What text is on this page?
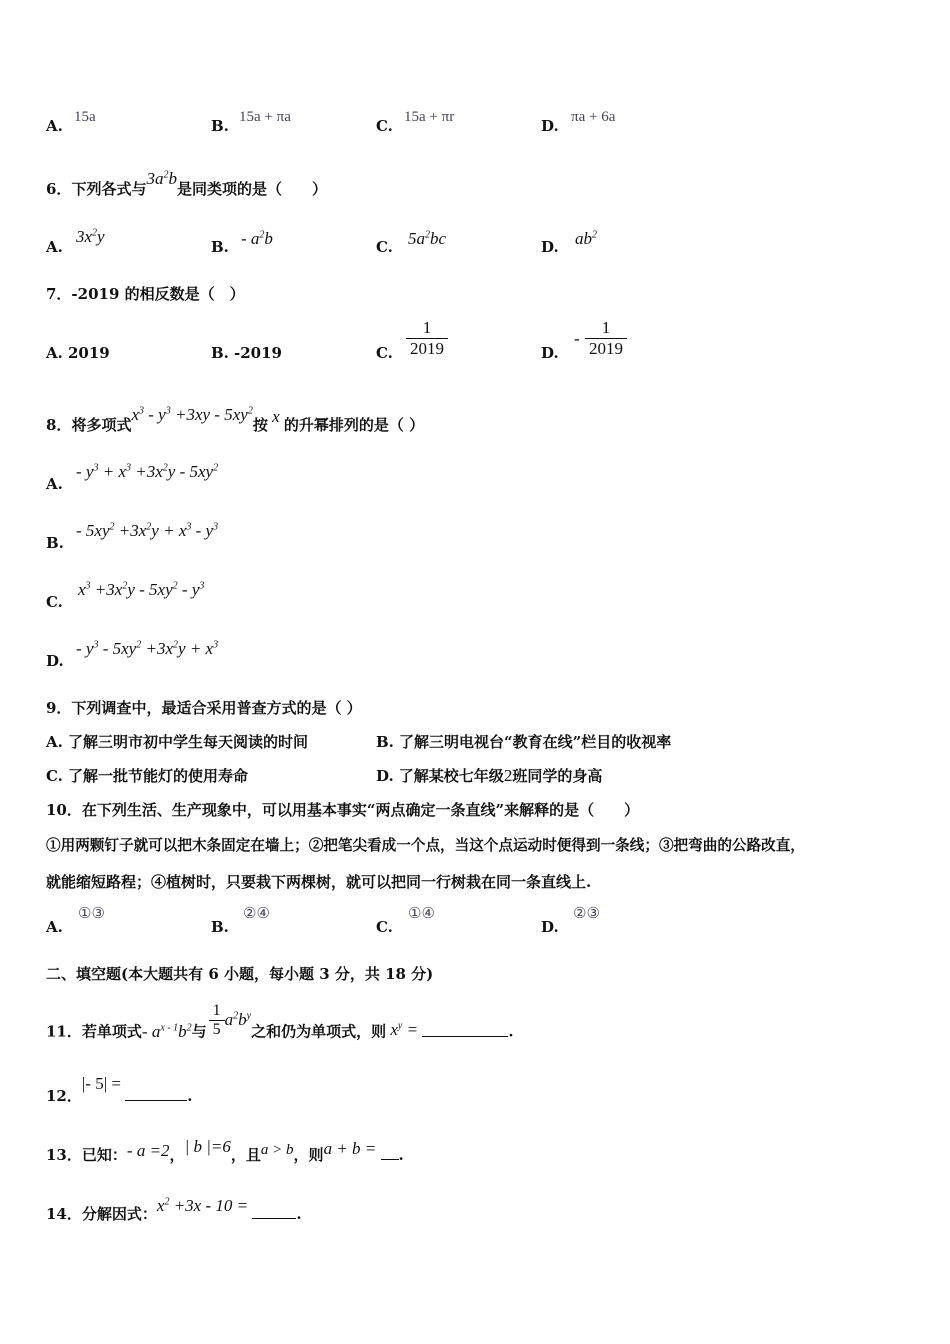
A. 15a	B. 15a + πa	C. 15a + πr	D. πa + 6a
6．下列各式与$3a^2b$是同类项的是（　　）
A.
$3x^2y$
B. - $a^2b$	C. $5a^2bc$	D. $ab^2$
7．-2019 的相反数是（　）
A. 2019	B. -2019	C. $\frac{1}{2019}$	D.
- $\frac{1}{2019}$
8．将多项式$x^3 - y^3 +3xy - 5xy^2$按 x 的升幂排列的是（ ）
A.
- $y^3 + x^3 +3x^2y - 5xy^2$
B.
- $5xy^2 +3x^2y + x^3 - y^3$
C.
$x^3 +3x^2y - 5xy^2 - y^3$
D.
- $y^3 - 5xy^2 +3x^2y + x^3$
9．下列调查中，最适合采用普查方式的是（ ）
A. 了解三明市初中学生每天阅读的时间	B. 了解三明电视台“教育在线”栏目的收视率
C. 了解一批节能灯的使用寿命	D. 了解某校七年级2班同学的身高
10．在下列生活、生产现象中，可以用基本事实“两点确定一条直线”来解释的是（　　）
①用两颗钉子就可以把木条固定在墙上；②把笔尖看成一个点，当这个点运动时便得到一条线；③把弯曲的公路改直，
就能缩短路程；④植树时，只要栽下两棵树，就可以把同一行树栽在同一条直线上.
A.
①③
B.
②④
C.
①④
D.
②③
二、填空题(本大题共有 6 小题，每小题 3 分，共 18 分)
11．若单项式- $a^{x - 1}b^2$与 $\frac{1}{5} a^2b^y$之和仍为单项式，则 $x^y$ =	.
12．|- 5| = .
13．已知：- a =2，| b |=6，且a > b，则a + b = .
14．分解因式：$x^2 +3x - 10$ =	.
